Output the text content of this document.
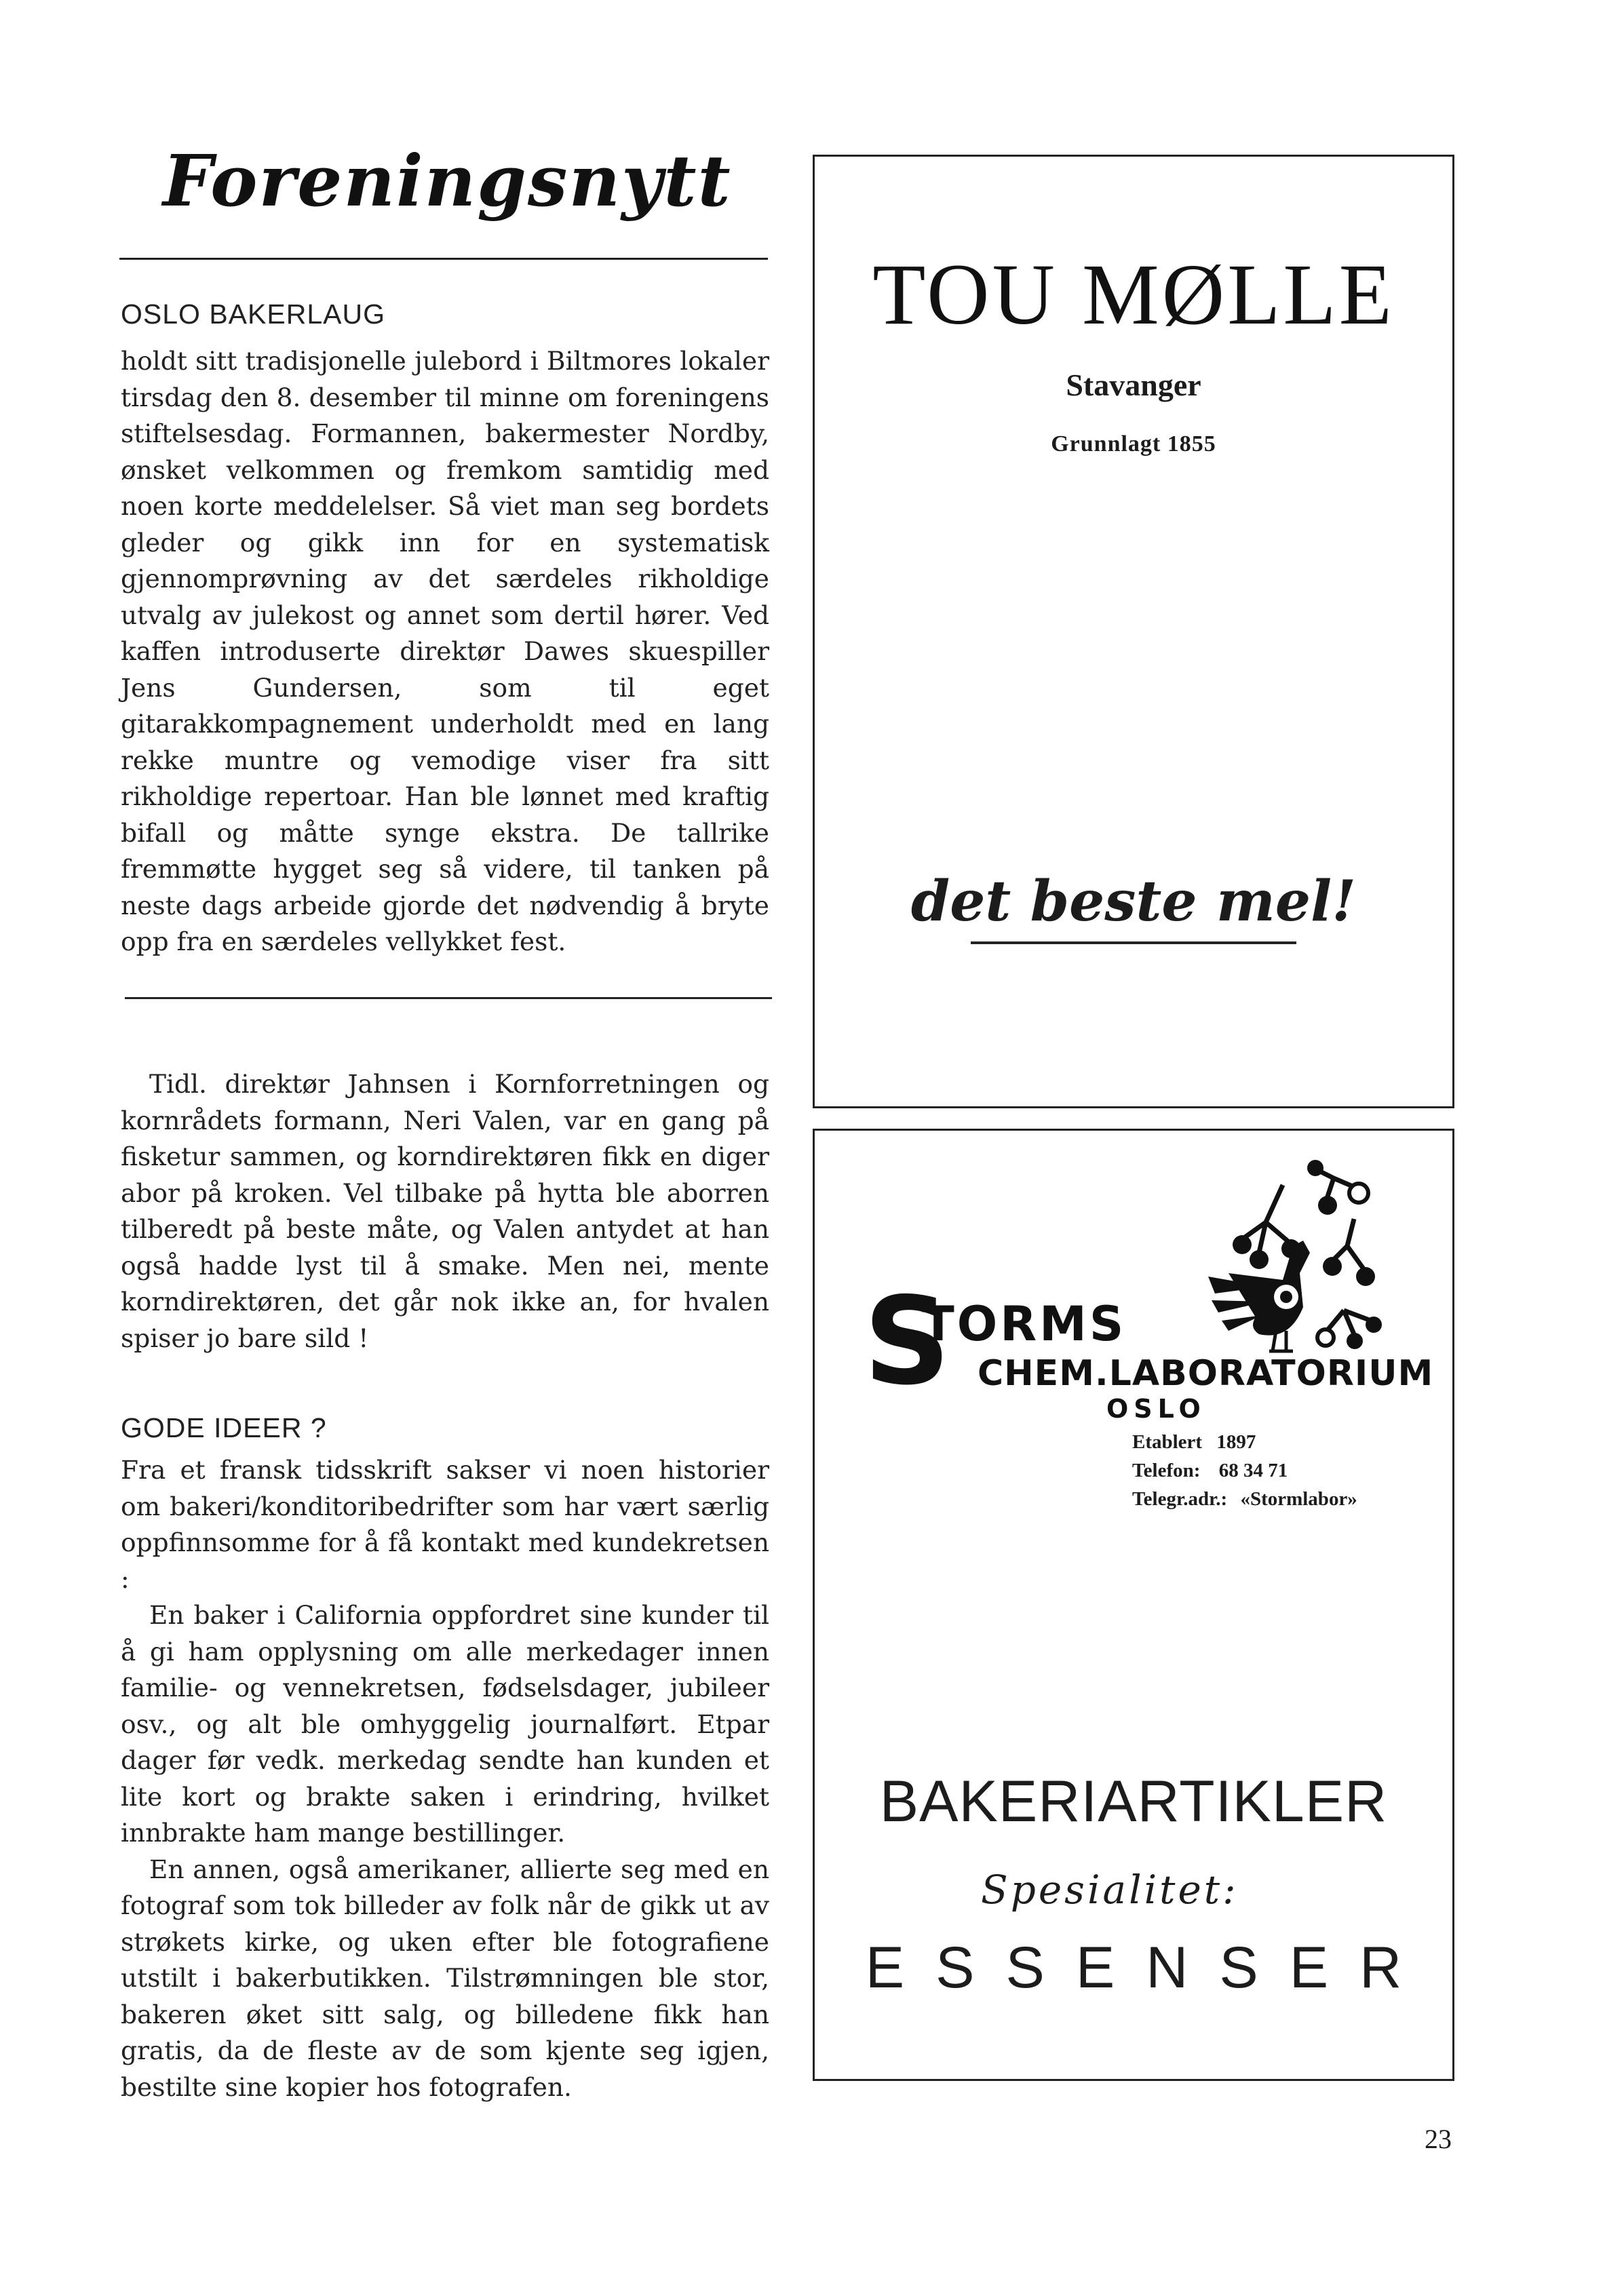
Foreningsnytt
OSLO BAKERLAUG

holdt sitt tradisjonelle julebord i Biltmores lokaler tirsdag den 8. desember til minne om foreningens stiftelsesdag. Formannen, bakermester Nordby, ønsket velkommen og fremkom samtidig med noen korte meddelelser. Så viet man seg bordets gleder og gikk inn for en systematisk gjennomprøvning av det særdeles rikholdige utvalg av julekost og annet som dertil hører. Ved kaffen introduserte direktør Dawes skuespiller Jens Gundersen, som til eget gitarakkompagnement underholdt med en lang rekke muntre og vemodige viser fra sitt rikholdige repertoar. Han ble lønnet med kraftig bifall og måtte synge ekstra. De tallrike fremmøtte hygget seg så videre, til tanken på neste dags arbeide gjorde det nødvendig å bryte opp fra en særdeles vellykket fest.

Tidl. direktør Jahnsen i Kornforretningen og kornrådets formann, Neri Valen, var en gang på fisketur sammen, og korndirektøren fikk en diger abor på kroken. Vel tilbake på hytta ble aborren tilberedt på beste måte, og Valen antydet at han også hadde lyst til å smake. Men nei, mente korndirektøren, det går nok ikke an, for hvalen spiser jo bare sild !

GODE IDEER ?

Fra et fransk tidsskrift sakser vi noen historier om bakeri/konditoribedrifter som har vært særlig oppfinnsomme for å få kontakt med kundekretsen :

En baker i California oppfordret sine kunder til å gi ham opplysning om alle merkedager innen familie- og vennekretsen, fødselsdager, jubileer osv., og alt ble omhyggelig journalført. Etpar dager før vedk. merkedag sendte han kunden et lite kort og brakte saken i erindring, hvilket innbrakte ham mange bestillinger.

En annen, også amerikaner, allierte seg med en fotograf som tok billeder av folk når de gikk ut av strøkets kirke, og uken efter ble fotografiene utstilt i bakerbutikken. Tilstrømningen ble stor, bakeren øket sitt salg, og billedene fikk han gratis, da de fleste av de som kjente seg igjen, bestilte sine kopier hos fotografen.

TOU MØLLE
Stavanger
Grunnlagt 1855
det beste mel!
S
TORMS
CHEM.LABORATORIUM
OSLO
Etablert 1897
Telefon: 68 34 71
Telegr.adr.: «Stormlabor»
BAKERIARTIKLER
Spesialitet:
ESSENSER
23
